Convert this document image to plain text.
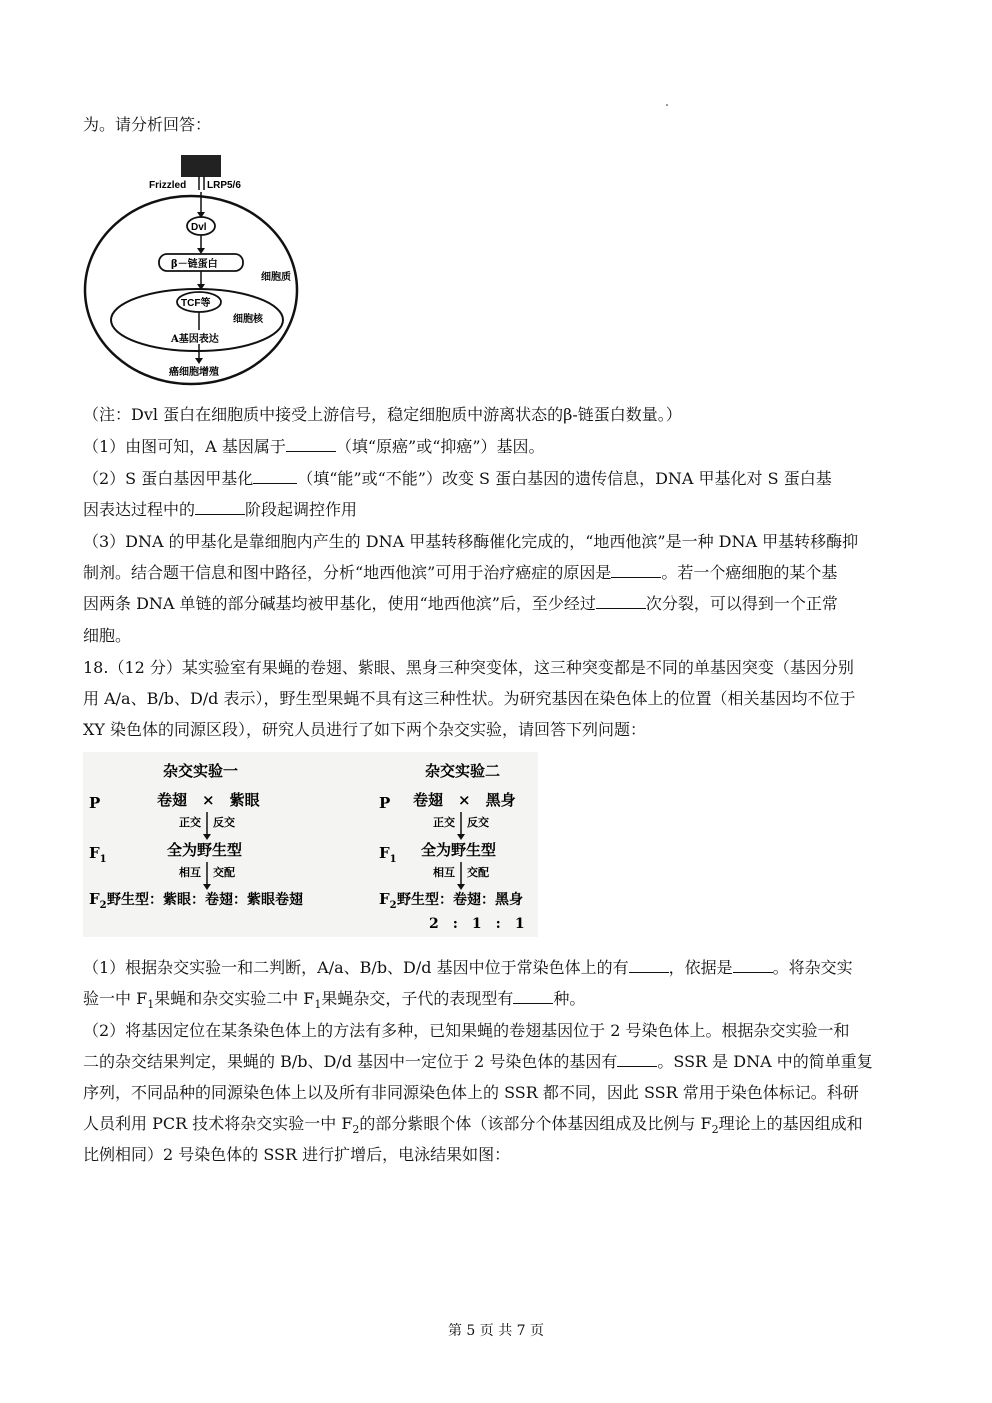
为。请分析回答：
Frizzled LRP5/6
Dvl
β－链蛋白
细胞质
TCF等
细胞核
A基因表达
癌细胞增殖
（注：Dvl 蛋白在细胞质中接受上游信号，稳定细胞质中游离状态的β-链蛋白数量。）
（1）由图可知，A 基因属于	（填“原癌”或“抑癌”）基因。
（2）S 蛋白基因甲基化	（填“能”或“不能”）改变 S 蛋白基因的遗传信息，DNA 甲基化对 S 蛋白基
因表达过程中的	阶段起调控作用
（3）DNA 的甲基化是靠细胞内产生的 DNA 甲基转移酶催化完成的，“地西他滨”是一种 DNA 甲基转移酶抑
制剂。结合题干信息和图中路径，分析“地西他滨”可用于治疗癌症的原因是	。若一个癌细胞的某个基
因两条 DNA 单链的部分碱基均被甲基化，使用“地西他滨”后，至少经过	次分裂，可以得到一个正常
细胞。
18.（12 分）某实验室有果蝇的卷翅、紫眼、黑身三种突变体，这三种突变都是不同的单基因突变（基因分别
用 A/a、B/b、D/d 表示），野生型果蝇不具有这三种性状。为研究基因在染色体上的位置（相关基因均不位于
XY 染色体的同源区段），研究人员进行了如下两个杂交实验，请回答下列问题：
杂交实验一
P	卷翅　×　紫眼
正交 反交
$F_1$
全为野生型
相互 交配
$F_2$ 野生型：紫眼：卷翅：紫眼卷翅
杂交实验二
P 卷翅　×　黑身
正交 反交
$F_1$
全为野生型
相互 交配
$F_2$ 野生型：卷翅：黑身
2　:　1　:　1
（1）根据杂交实验一和二判断，A/a、B/b、D/d 基因中位于常染色体上的有	，依据是	。将杂交实
验一中 $F_1$果蝇和杂交实验二中 $F_1$果蝇杂交，子代的表现型有	种。
（2）将基因定位在某条染色体上的方法有多种，已知果蝇的卷翅基因位于 2 号染色体上。根据杂交实验一和
二的杂交结果判定，果蝇的 B/b、D/d 基因中一定位于 2 号染色体的基因有	。SSR 是 DNA 中的简单重复
序列，不同品种的同源染色体上以及所有非同源染色体上的 SSR 都不同，因此 SSR 常用于染色体标记。科研
人员利用 PCR 技术将杂交实验一中 $F_2$的部分紫眼个体（该部分个体基因组成及比例与 $F_2$理论上的基因组成和
比例相同）2 号染色体的 SSR 进行扩增后，电泳结果如图：
第 5 页 共 7 页
